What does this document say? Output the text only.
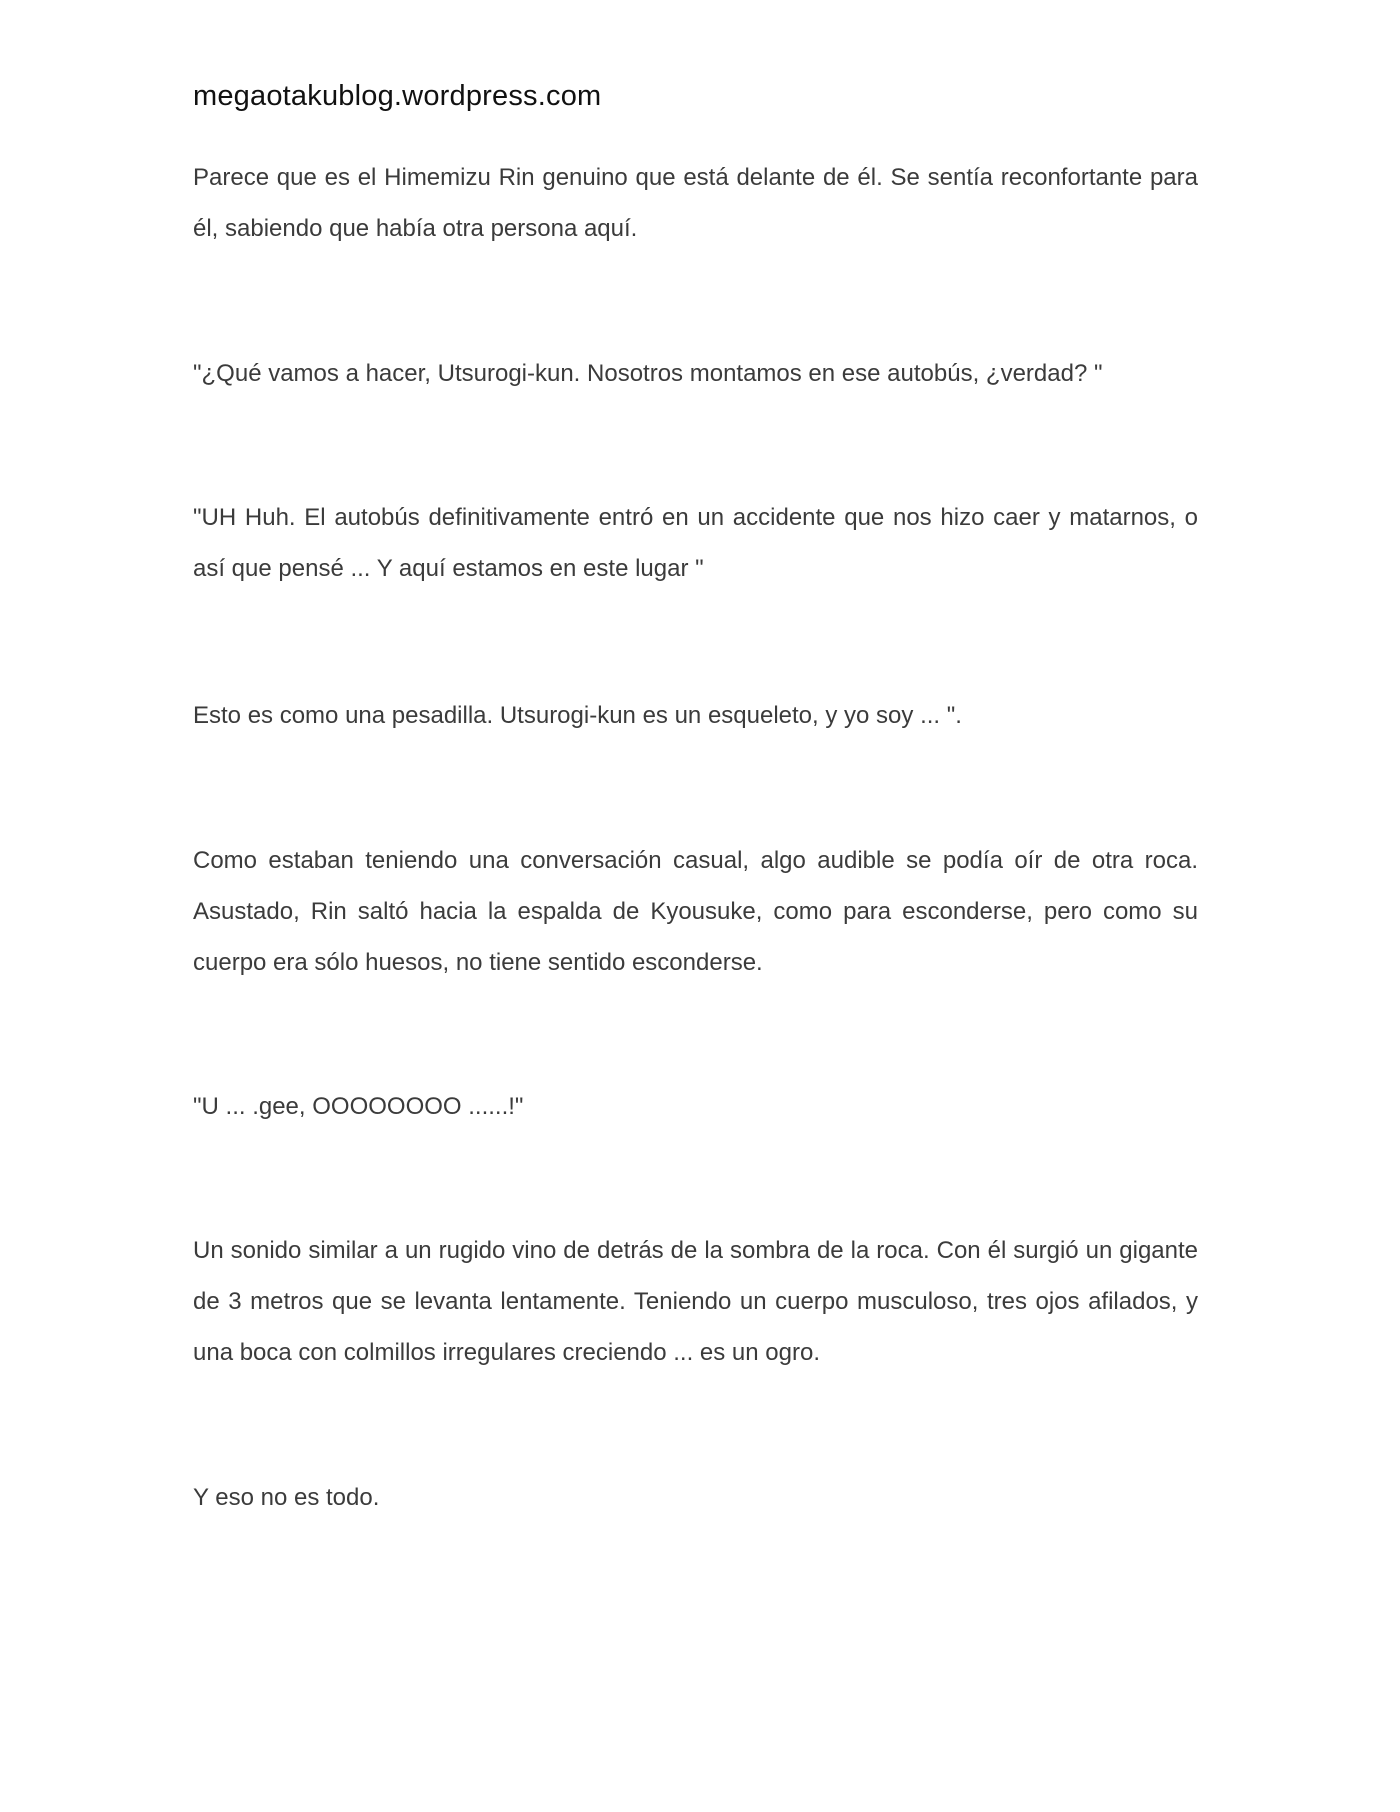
megaotakublog.wordpress.com

Parece que es el Himemizu Rin genuino que está delante de él. Se sentía reconfortante para él, sabiendo que había otra persona aquí.

"¿Qué vamos a hacer, Utsurogi-kun. Nosotros montamos en ese autobús, ¿verdad? "

"UH Huh. El autobús definitivamente entró en un accidente que nos hizo caer y matarnos, o así que pensé ... Y aquí estamos en este lugar "

Esto es como una pesadilla. Utsurogi-kun es un esqueleto, y yo soy ... ".

Como estaban teniendo una conversación casual, algo audible se podía oír de otra roca. Asustado, Rin saltó hacia la espalda de Kyousuke, como para esconderse, pero como su cuerpo era sólo huesos, no tiene sentido esconderse.

"U ... .gee, OOOOOOOO ......!"

Un sonido similar a un rugido vino de detrás de la sombra de la roca. Con él surgió un gigante de 3 metros que se levanta lentamente. Teniendo un cuerpo musculoso, tres ojos afilados, y una boca con colmillos irregulares creciendo ... es un ogro.

Y eso no es todo.
